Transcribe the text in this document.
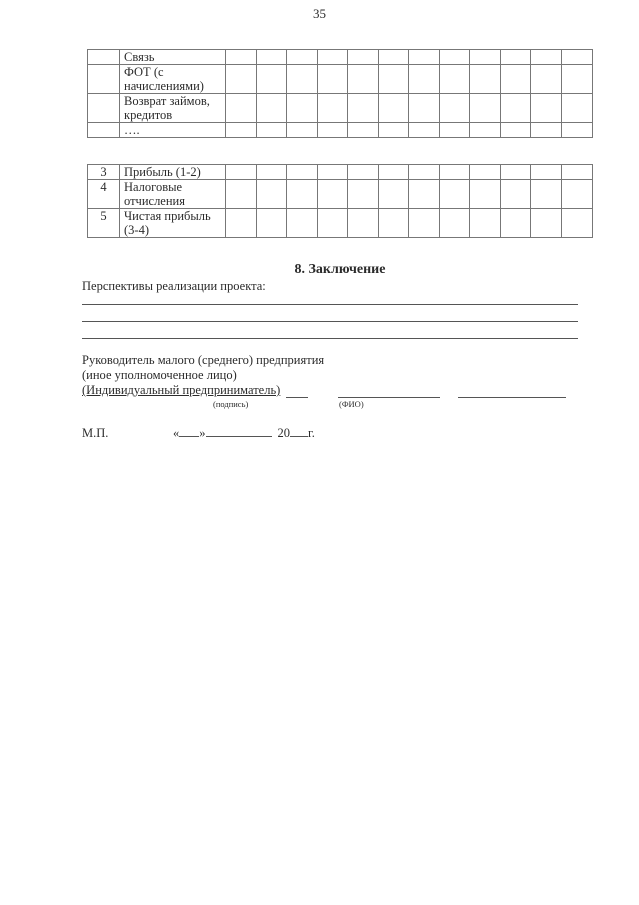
35
	Связь												
	ФОТ (с начислениями)												
	Возврат займов, кредитов												
	….												
3	Прибыль (1-2)												
4	Налоговые отчисления												
5	Чистая прибыль (3-4)												
8. Заключение
Перспективы реализации проекта:
Руководитель малого (среднего) предприятия
(иное уполномоченное лицо)
(Индивидуальный предприниматель)
(подпись)	(ФИО)
М.П.	« »	20 г.
